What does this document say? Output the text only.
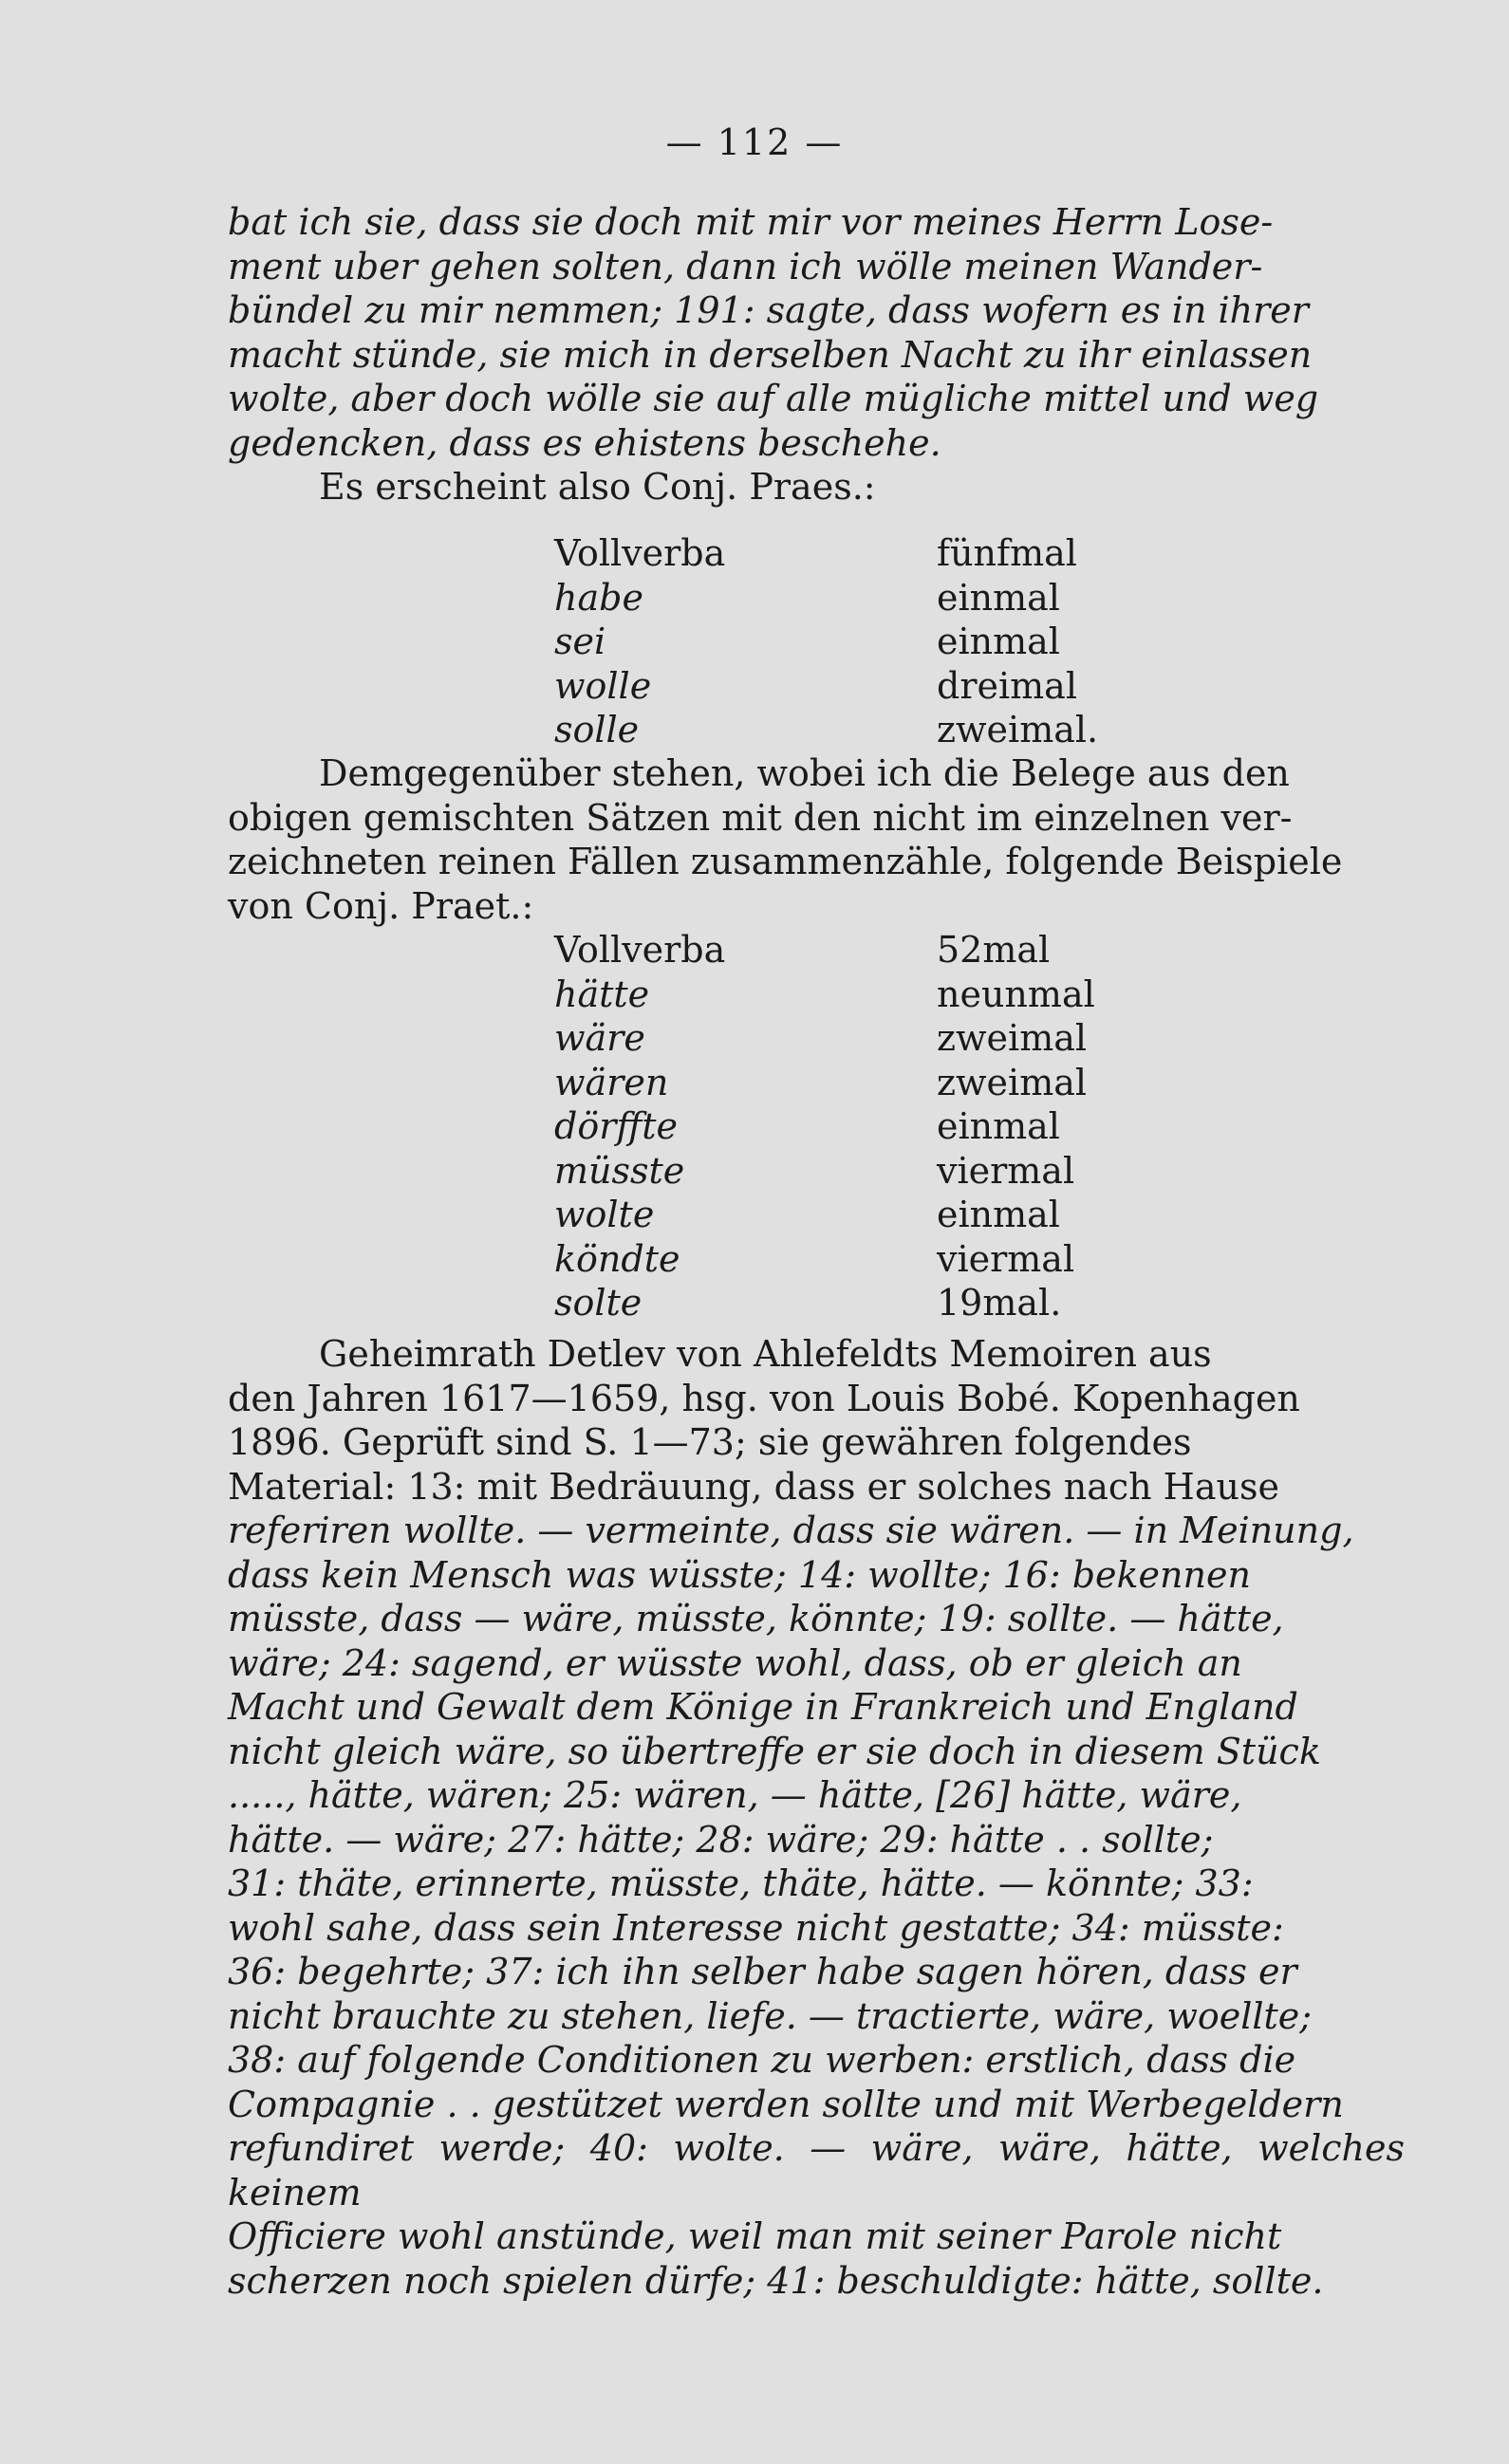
— 112 —

bat ich sie, dass sie doch mit mir vor meines Herrn Lose-

ment uber gehen solten, dann ich wölle meinen Wander-

bündel zu mir nemmen; 191: sagte, dass wofern es in ihrer

macht stünde, sie mich in derselben Nacht zu ihr einlassen

wolte, aber doch wölle sie auf alle mügliche mittel und weg

gedencken, dass es ehistens beschehe.

Es erscheint also Conj. Praes.:

Vollverba	fünfmal
habe	einmal
sei	einmal
wolle	dreimal
solle	zweimal.

Demgegenüber stehen, wobei ich die Belege aus den

obigen gemischten Sätzen mit den nicht im einzelnen ver-

zeichneten reinen Fällen zusammenzähle, folgende Beispiele

von Conj. Praet.:

Vollverba	52mal
hätte	neunmal
wäre	zweimal
wären	zweimal
dörffte	einmal
müsste	viermal
wolte	einmal
köndte	viermal
solte	19mal.

Geheimrath Detlev von Ahlefeldts Memoiren aus

den Jahren 1617—1659, hsg. von Louis Bobé. Kopenhagen

1896. Geprüft sind S. 1—73; sie gewähren folgendes

Material: 13: mit Bedräuung, dass er solches nach Hause

referiren wollte. — vermeinte, dass sie wären. — in Meinung,

dass kein Mensch was wüsste; 14: wollte; 16: bekennen

müsste, dass — wäre, müsste, könnte; 19: sollte. — hätte,

wäre; 24: sagend, er wüsste wohl, dass, ob er gleich an

Macht und Gewalt dem Könige in Frankreich und England

nicht gleich wäre, so übertreffe er sie doch in diesem Stück

....., hätte, wären; 25: wären, — hätte, [26] hätte, wäre,

hätte. — wäre; 27: hätte; 28: wäre; 29: hätte . . sollte;

31: thäte, erinnerte, müsste, thäte, hätte. — könnte; 33:

wohl sahe, dass sein Interesse nicht gestatte; 34: müsste:

36: begehrte; 37: ich ihn selber habe sagen hören, dass er

nicht brauchte zu stehen, liefe. — tractierte, wäre, woellte;

38: auf folgende Conditionen zu werben: erstlich, dass die

Compagnie . . gestützet werden sollte und mit Werbegeldern

refundiret werde; 40: wolte. — wäre, wäre, hätte, welches keinem

Officiere wohl anstünde, weil man mit seiner Parole nicht

scherzen noch spielen dürfe; 41: beschuldigte: hätte, sollte.
